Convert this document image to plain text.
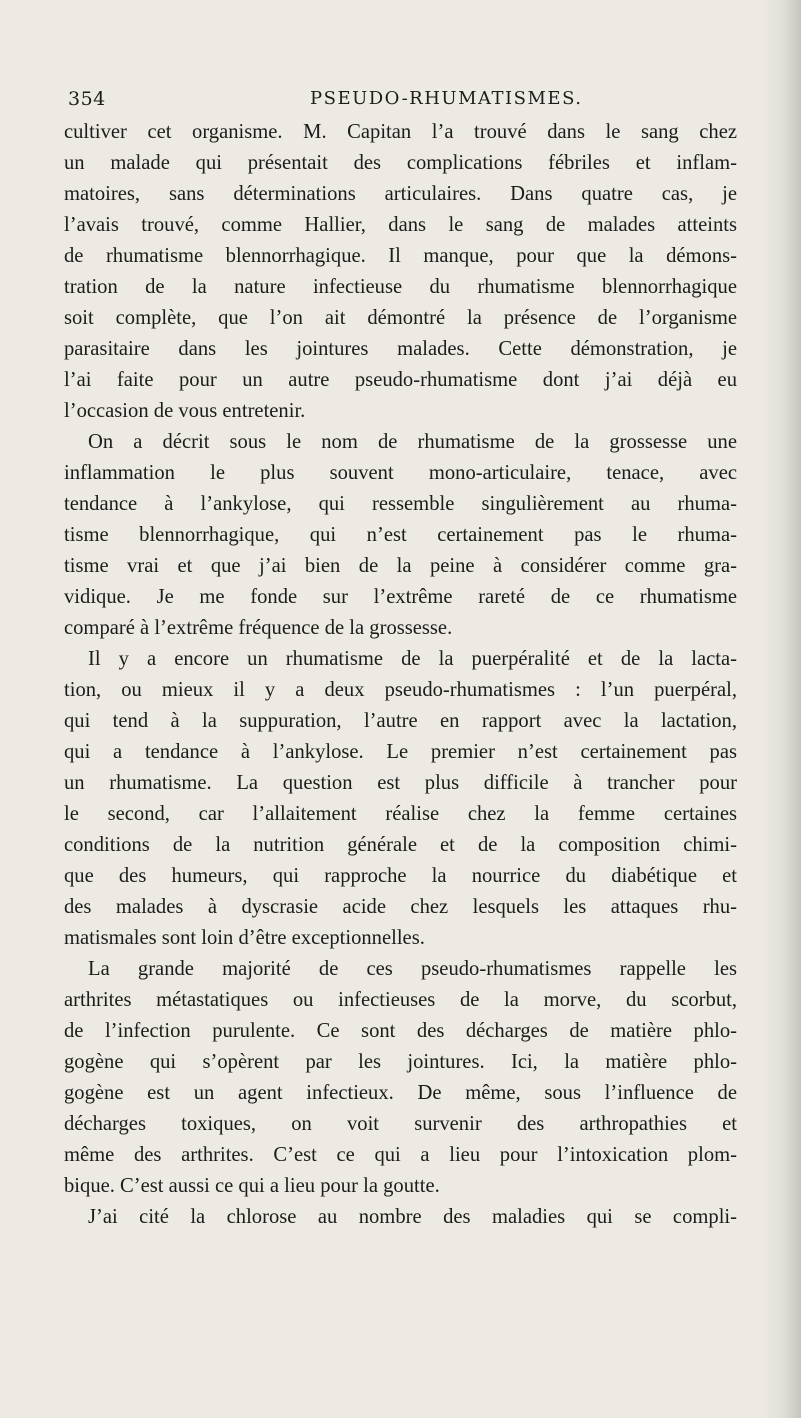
354	PSEUDO-RHUMATISMES.

cultiver cet organisme. M. Capitan l’a trouvé dans le sang chez

un malade qui présentait des complications fébriles et inflam-

matoires, sans déterminations articulaires. Dans quatre cas, je

l’avais trouvé, comme Hallier, dans le sang de malades atteints

de rhumatisme blennorrhagique. Il manque, pour que la démons-

tration de la nature infectieuse du rhumatisme blennorrhagique

soit complète, que l’on ait démontré la présence de l’organisme

parasitaire dans les jointures malades. Cette démonstration, je

l’ai faite pour un autre pseudo-rhumatisme dont j’ai déjà eu

l’occasion de vous entretenir.

On a décrit sous le nom de rhumatisme de la grossesse une

inflammation le plus souvent mono-articulaire, tenace, avec

tendance à l’ankylose, qui ressemble singulièrement au rhuma-

tisme blennorrhagique, qui n’est certainement pas le rhuma-

tisme vrai et que j’ai bien de la peine à considérer comme gra-

vidique. Je me fonde sur l’extrême rareté de ce rhumatisme

comparé à l’extrême fréquence de la grossesse.

Il y a encore un rhumatisme de la puerpéralité et de la lacta-

tion, ou mieux il y a deux pseudo-rhumatismes : l’un puerpéral,

qui tend à la suppuration, l’autre en rapport avec la lactation,

qui a tendance à l’ankylose. Le premier n’est certainement pas

un rhumatisme. La question est plus difficile à trancher pour

le second, car l’allaitement réalise chez la femme certaines

conditions de la nutrition générale et de la composition chimi-

que des humeurs, qui rapproche la nourrice du diabétique et

des malades à dyscrasie acide chez lesquels les attaques rhu-

matismales sont loin d’être exceptionnelles.

La grande majorité de ces pseudo-rhumatismes rappelle les

arthrites métastatiques ou infectieuses de la morve, du scorbut,

de l’infection purulente. Ce sont des décharges de matière phlo-

gogène qui s’opèrent par les jointures. Ici, la matière phlo-

gogène est un agent infectieux. De même, sous l’influence de

décharges toxiques, on voit survenir des arthropathies et

même des arthrites. C’est ce qui a lieu pour l’intoxication plom-

bique. C’est aussi ce qui a lieu pour la goutte.

J’ai cité la chlorose au nombre des maladies qui se compli-
